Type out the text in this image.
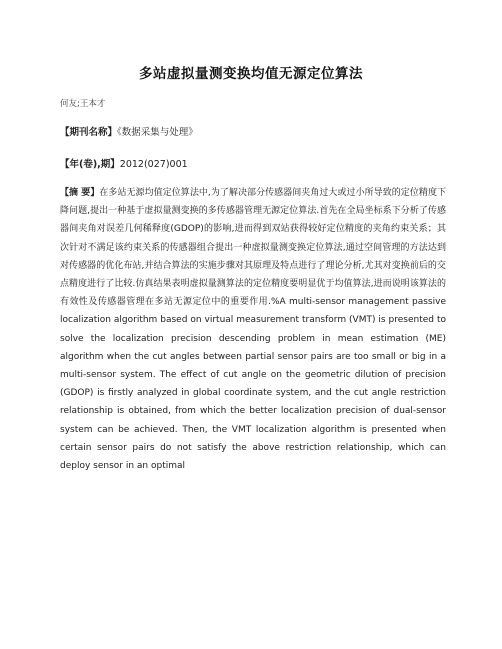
多站虚拟量测变换均值无源定位算法
何友;王本才
【期刊名称】《数据采集与处理》
【年(卷),期】2012(027)001
【摘 要】在多站无源均值定位算法中,为了解决部分传感器间夹角过大或过小所导致的定位精度下降问题,提出一种基于虚拟量测变换的多传感器管理无源定位算法.首先在全局坐标系下分析了传感器间夹角对误差几何稀释度(GDOP)的影响,进而得到双站获得较好定位精度的夹角约束关系；其次针对不满足该约束关系的传感器组合提出一种虚拟量测变换定位算法,通过空间管理的方法达到对传感器的优化布站,并结合算法的实施步骤对其原理及特点进行了理论分析,尤其对变换前后的交点精度进行了比较.仿真结果表明虚拟量测算法的定位精度要明显优于均值算法,进而说明该算法的有效性及传感器管理在多站无源定位中的重要作用.%A multi-sensor management passive localization algorithm based on virtual measurement transform (VMT) is presented to solve the localization precision descending problem in mean estimation (ME) algorithm when the cut angles between partial sensor pairs are too small or big in a multi-sensor system. The effect of cut angle on the geometric dilution of precision (GDOP) is firstly analyzed in global coordinate system, and the cut angle restriction relationship is obtained, from which the better localization precision of dual-sensor system can be achieved. Then, the VMT localization algorithm is presented when certain sensor pairs do not satisfy the above restriction relationship, which can deploy sensor in an optimal
